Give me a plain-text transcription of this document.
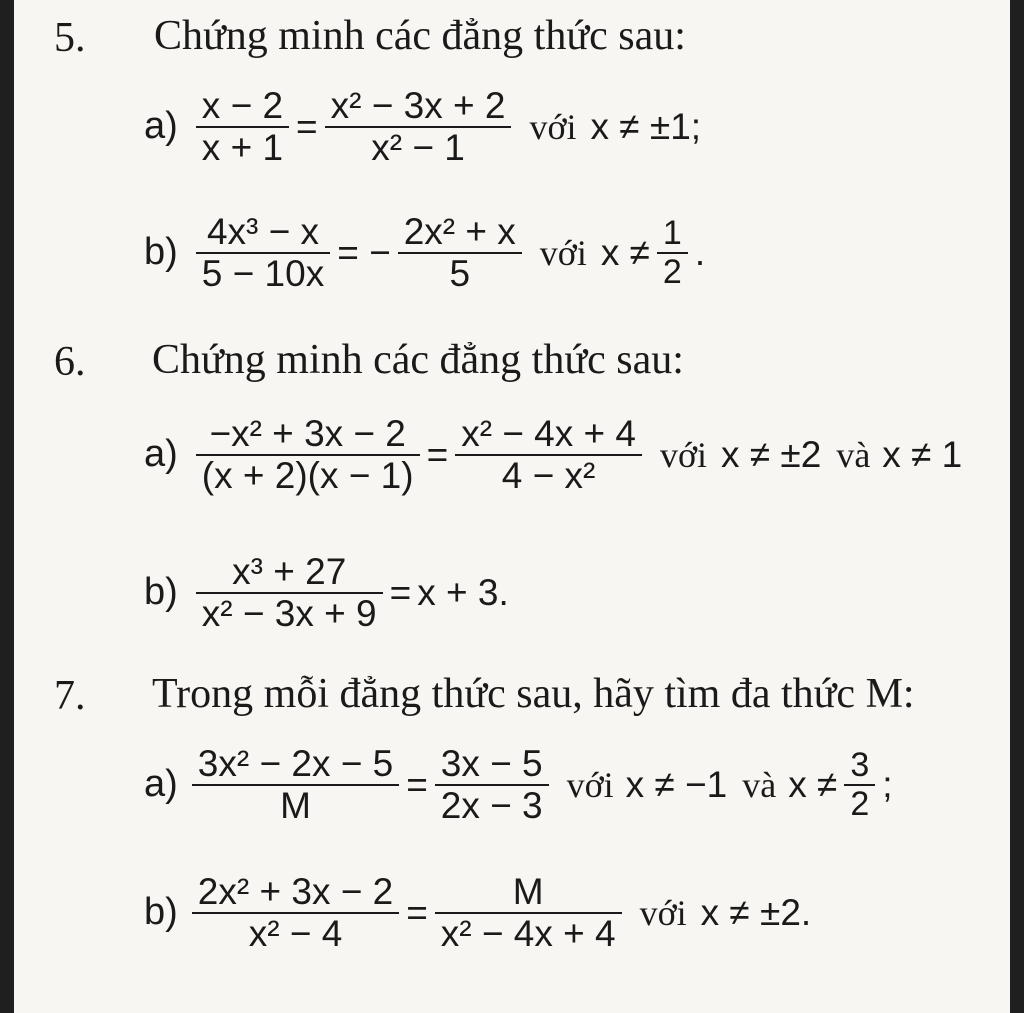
5. Chứng minh các đẳng thức sau:
$a) \frac{x - 2}{x + 1} = \frac{\text{x² − 3x + 2}}{\text{x² − 1}}$ với x ≠ ±1;
$b) \frac{\text{4x³ − x}}{5 - 10x}$ = − $\frac{\text{2x² + x}}{5}$ với $x \ne \frac{1}{2}$ .
6. Chứng minh các đẳng thức sau:
$a) \frac{\text{−x² + 3x − 2}}{(x + 2)(x - 1)} = \frac{\text{x² − 4x + 4}}{\text{4 − x²}}$ với x ≠ ±2 và x ≠ 1
$b) \frac{\text{x³ + 27}}{\text{x² − 3x + 9}} = x + 3$.
7. Trong mỗi đẳng thức sau, hãy tìm đa thức M:
$a) \frac{\text{3x² − 2x − 5}}{M} = \frac{3x - 5}{2x - 3}$ với x ≠ −1 và $x \ne \frac{3}{2}$ ;
$b) \frac{\text{2x² + 3x − 2}}{\text{x² − 4}} = \frac{M}{\text{x² − 4x + 4}}$ với x ≠ ±2.
